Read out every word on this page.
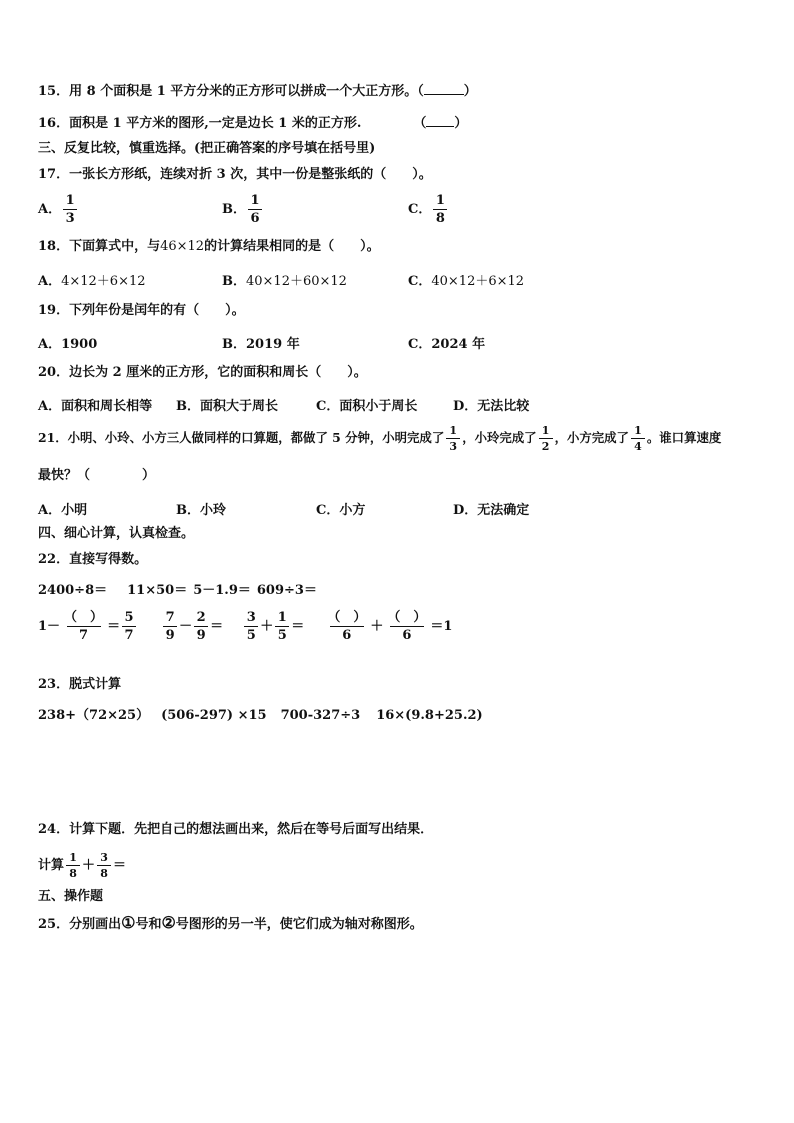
15．用 8 个面积是 1 平方分米的正方形可以拼成一个大正方形。（	）
16．面积是 1 平方米的图形,一定是边长 1 米的正方形.	（ ）
三、反复比较，慎重选择。(把正确答案的序号填在括号里)
17．一张长方形纸，连续对折 3 次，其中一份是整张纸的（　　）。
A． $\frac{1}{3}$	B． $\frac{1}{6}$	C． $\frac{1}{8}$
18．下面算式中，与46×12的计算结果相同的是（　　）。
A．4×12＋6×12	B．40×12＋60×12	C．40×12＋6×12
19．下列年份是闰年的有（　　）。
A．1900	B．2019 年	C．2024 年
20．边长为 2 厘米的正方形，它的面积和周长（　　）。
A．面积和周长相等 B．面积大于周长	C．面积小于周长	D．无法比较
21．小明、小玲、小方三人做同样的口算题，都做了 5 分钟，小明完成了 $\frac{1}{3}$ ，小玲完成了 $\frac{1}{2}$ ，小方完成了 $\frac{1}{4}$ 。谁口算速度
最快？（　　　　）
A．小明	B．小玲	C．小方	D．无法确定
四、细心计算，认真检查。
22．直接写得数。
2400÷8＝ 11×50＝ 5－1.9＝ 609÷3＝
$1- \frac{( )}{7} = \frac{5}{7}$
$\frac{7}{9} - \frac{2}{9} = \frac{3}{5} + \frac{1}{5} = \frac{( )}{6} + \frac{( )}{6} =1$
23．脱式计算
238+（72×25） (506-297) ×15 700-327÷3 16×(9.8+25.2)
24．计算下题．先把自己的想法画出来，然后在等号后面写出结果．
计算 $\frac{1}{8} + \frac{3}{8}$ ＝
五、操作题
25．分别画出①号和②号图形的另一半，使它们成为轴对称图形。
